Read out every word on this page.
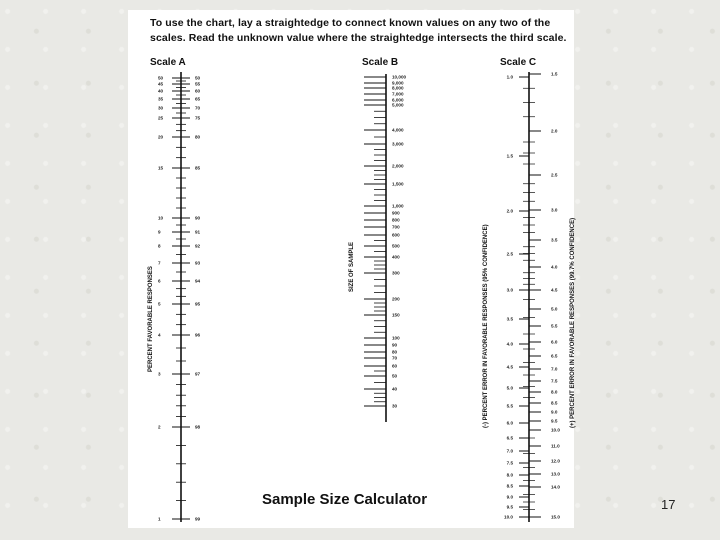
To use the chart, lay a straightedge to connect known values on any two of the
scales. Read the unknown value where the straightedge intersects the third scale.
Scale A	Scale B	Scale C
PERCENT FAVORABLE RESPONSES	SIZE OF SAMPLE	(-) PERCENT ERROR IN FAVORABLE RESPONSES (95% CONFIDENCE)	(+) PERCENT ERROR IN FAVORABLE RESPONSES (99.7% CONFIDENCE)
50	50
45	55
40	60
35	65
30	70
25	75
20	80
15	85
10	90
9	91
8	92
7	93
6	94
5	95
4	96
3	97
2	98
1	99
10,000
9,000
8,000
7,000
6,000
5,000
4,000
3,000
2,000
1,500
1,000
900
800
700
600
500
400
300
200
150
100
90
80
70
60
50
40
30
1.0
1.5
2.0
2.5
3.0
3.5
4.0
4.5
5.0
5.5
6.0
6.5
7.0
7.5
8.0
8.5
9.0
9.5
10.0
1.5
2.0
2.5
3.0
3.5
4.0
4.5
5.0
5.5
6.0
6.5
7.0
7.5
8.0
8.5
9.0
9.5
10.0
11.0
12.0
13.0
14.0
15.0
Sample Size Calculator	17
